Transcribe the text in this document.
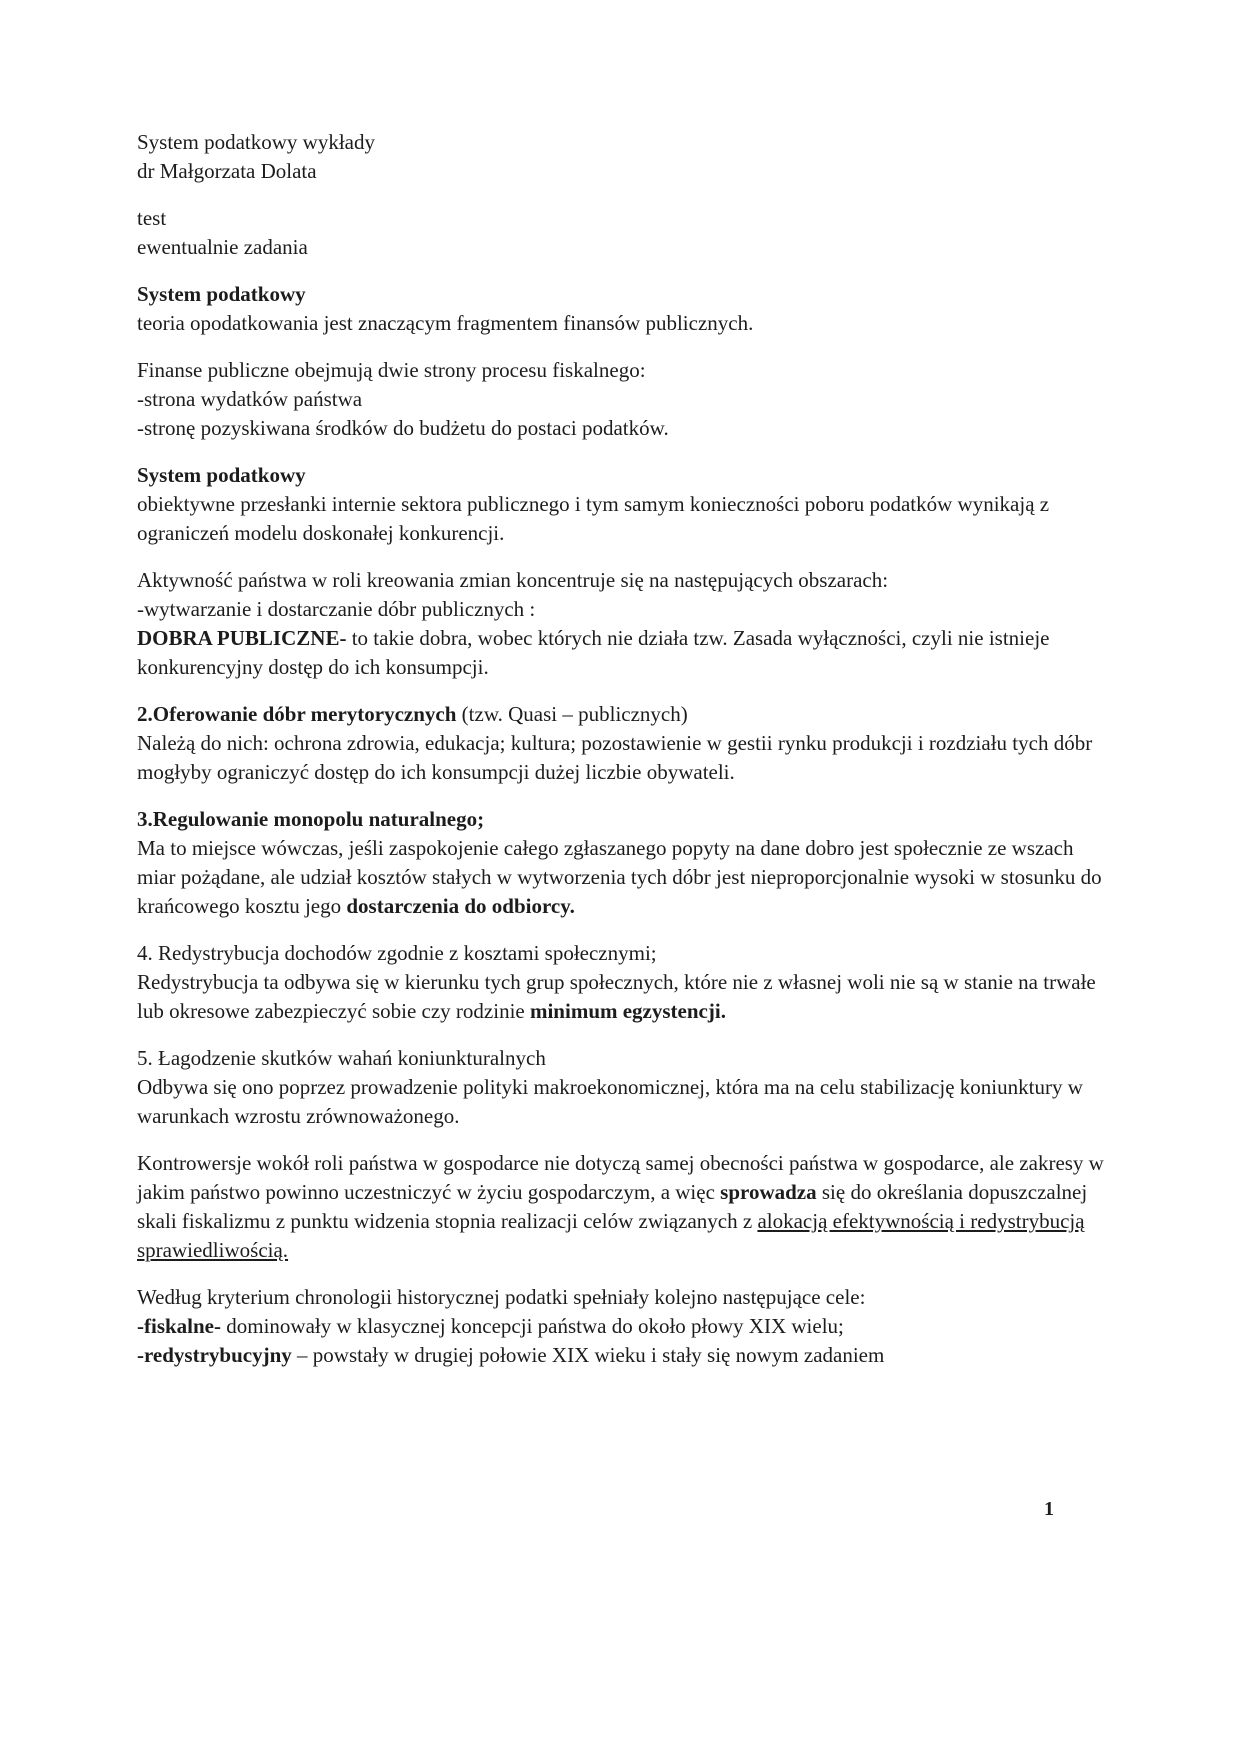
System podatkowy wykłady
dr Małgorzata Dolata

test
ewentualnie zadania

System podatkowy
teoria opodatkowania jest znaczącym fragmentem finansów publicznych.

Finanse publiczne obejmują dwie strony procesu fiskalnego:
-strona wydatków państwa
-stronę pozyskiwana środków do budżetu do postaci podatków.

System podatkowy
obiektywne przesłanki internie sektora publicznego i tym samym konieczności poboru podatków wynikają z ograniczeń modelu doskonałej konkurencji.

Aktywność państwa w roli kreowania zmian koncentruje się na następujących obszarach:
-wytwarzanie i dostarczanie dóbr publicznych :
DOBRA PUBLICZNE- to takie dobra, wobec których nie działa tzw. Zasada wyłączności, czyli nie istnieje konkurencyjny dostęp do ich konsumpcji.

2.Oferowanie dóbr merytorycznych (tzw. Quasi – publicznych)
Należą do nich: ochrona zdrowia, edukacja; kultura; pozostawienie w gestii rynku produkcji i rozdziału tych dóbr mogłyby ograniczyć dostęp do ich konsumpcji dużej liczbie obywateli.

3.Regulowanie monopolu naturalnego;
Ma to miejsce wówczas, jeśli zaspokojenie całego zgłaszanego popyty na dane dobro jest społecznie ze wszach miar pożądane, ale udział kosztów stałych w wytworzenia tych dóbr jest nieproporcjonalnie wysoki w stosunku do krańcowego kosztu jego dostarczenia do odbiorcy.

4. Redystrybucja dochodów zgodnie z kosztami społecznymi;
Redystrybucja ta odbywa się w kierunku tych grup społecznych, które nie z własnej woli nie są w stanie na trwałe lub okresowe zabezpieczyć sobie czy rodzinie minimum egzystencji.

5. Łagodzenie skutków wahań koniunkturalnych
Odbywa się ono poprzez prowadzenie polityki makroekonomicznej, która ma na celu stabilizację koniunktury w warunkach wzrostu zrównoważonego.

Kontrowersje wokół roli państwa w gospodarce nie dotyczą samej obecności państwa w gospodarce, ale zakresy w jakim państwo powinno uczestniczyć w życiu gospodarczym, a więc sprowadza się do określania dopuszczalnej skali fiskalizmu z punktu widzenia stopnia realizacji celów związanych z alokacją efektywnością i redystrybucją sprawiedliwością.

Według kryterium chronologii historycznej podatki spełniały kolejno następujące cele:
-fiskalne- dominowały w klasycznej koncepcji państwa do około płowy XIX wielu;
-redystrybucyjny – powstały w drugiej połowie XIX wieku i stały się nowym zadaniem

1
